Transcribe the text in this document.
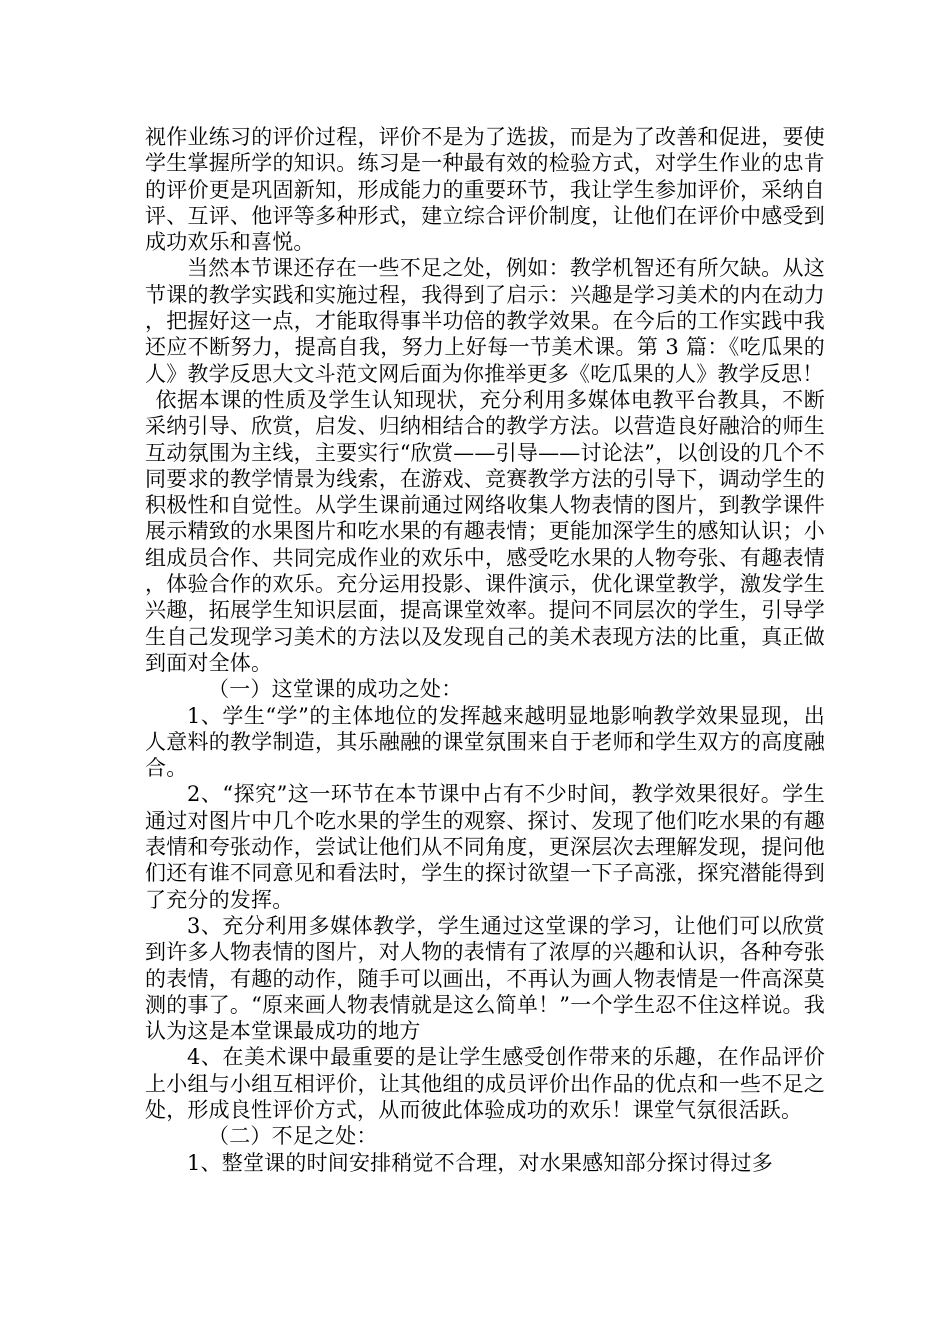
视作业练习的评价过程，评价不是为了选拔，而是为了改善和促进，要使学生掌握所学的知识。练习是一种最有效的检验方式，对学生作业的忠肯的评价更是巩固新知，形成能力的重要环节，我让学生参加评价，采纳自评、互评、他评等多种形式，建立综合评价制度，让他们在评价中感受到成功欢乐和喜悦。

当然本节课还存在一些不足之处，例如：教学机智还有所欠缺。从这节课的教学实践和实施过程，我得到了启示：兴趣是学习美术的内在动力，把握好这一点，才能取得事半功倍的教学效果。在今后的工作实践中我还应不断努力，提高自我，努力上好每一节美术课。第 3 篇：《吃瓜果的人》教学反思大文斗范文网后面为你推举更多《吃瓜果的人》教学反思！

依据本课的性质及学生认知现状，充分利用多媒体电教平台教具，不断采纳引导、欣赏，启发、归纳相结合的教学方法。以营造良好融洽的师生互动氛围为主线，主要实行“欣赏——引导——讨论法”，以创设的几个不同要求的教学情景为线索，在游戏、竞赛教学方法的引导下，调动学生的积极性和自觉性。从学生课前通过网络收集人物表情的图片，到教学课件展示精致的水果图片和吃水果的有趣表情；更能加深学生的感知认识；小组成员合作、共同完成作业的欢乐中，感受吃水果的人物夸张、有趣表情，体验合作的欢乐。充分运用投影、课件演示，优化课堂教学，激发学生兴趣，拓展学生知识层面，提高课堂效率。提问不同层次的学生，引导学生自己发现学习美术的方法以及发现自己的美术表现方法的比重，真正做到面对全体。

（一）这堂课的成功之处：

1、学生“学”的主体地位的发挥越来越明显地影响教学效果显现，出人意料的教学制造，其乐融融的课堂氛围来自于老师和学生双方的高度融合。

2、“探究”这一环节在本节课中占有不少时间，教学效果很好。学生通过对图片中几个吃水果的学生的观察、探讨、发现了他们吃水果的有趣表情和夸张动作，尝试让他们从不同角度，更深层次去理解发现，提问他们还有谁不同意见和看法时，学生的探讨欲望一下子高涨，探究潜能得到了充分的发挥。

3、充分利用多媒体教学，学生通过这堂课的学习，让他们可以欣赏到许多人物表情的图片，对人物的表情有了浓厚的兴趣和认识，各种夸张的表情，有趣的动作，随手可以画出，不再认为画人物表情是一件高深莫测的事了。“原来画人物表情就是这么简单！”一个学生忍不住这样说。我认为这是本堂课最成功的地方

4、在美术课中最重要的是让学生感受创作带来的乐趣，在作品评价上小组与小组互相评价，让其他组的成员评价出作品的优点和一些不足之处，形成良性评价方式，从而彼此体验成功的欢乐！课堂气氛很活跃。

（二）不足之处：

1、整堂课的时间安排稍觉不合理，对水果感知部分探讨得过多
